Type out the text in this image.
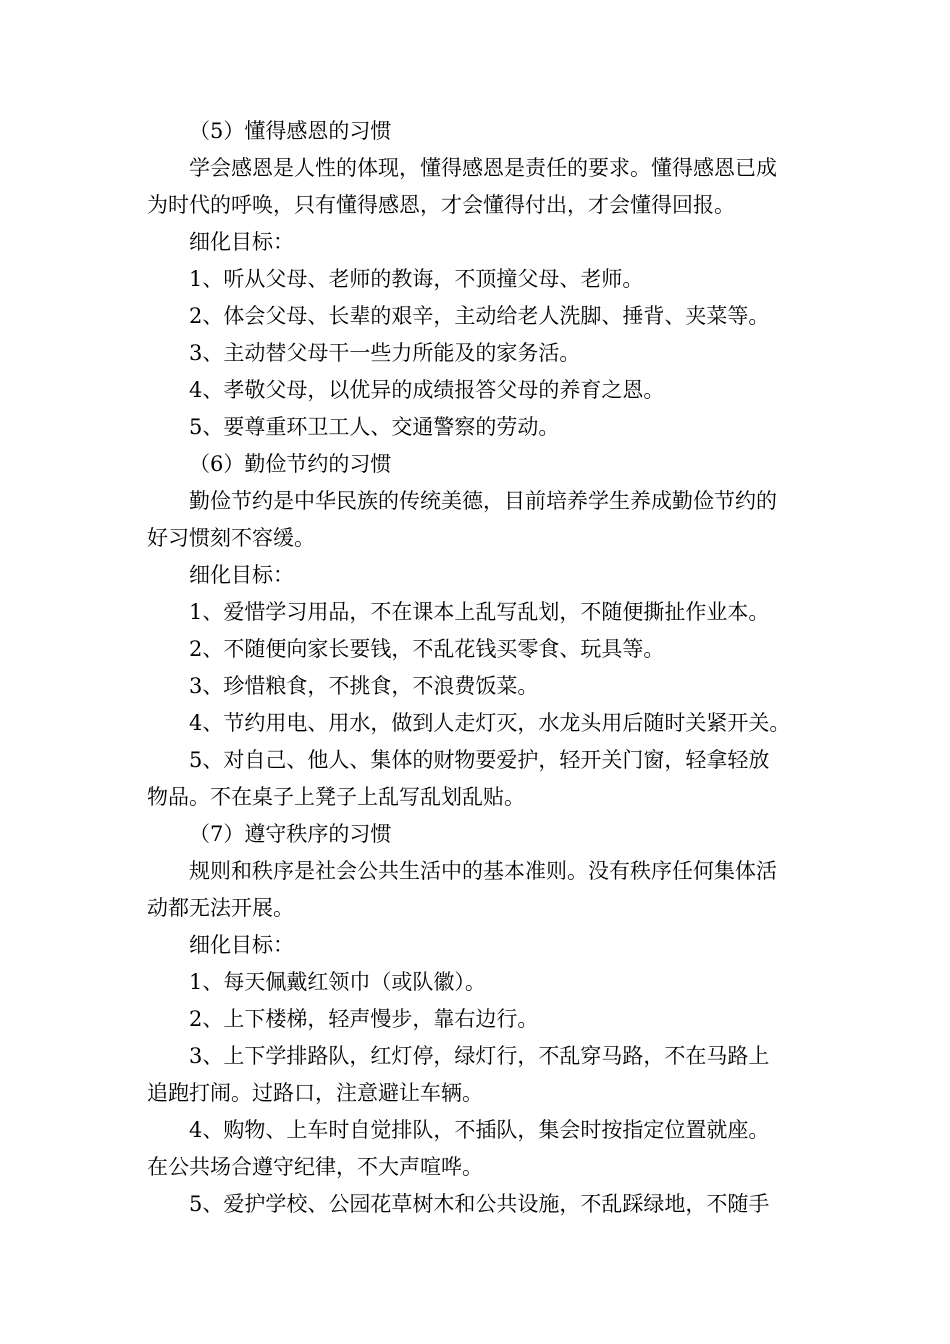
（5）懂得感恩的习惯

学会感恩是人性的体现，懂得感恩是责任的要求。懂得感恩已成

为时代的呼唤，只有懂得感恩，才会懂得付出，才会懂得回报。

细化目标：

1、听从父母、老师的教诲，不顶撞父母、老师。

2、体会父母、长辈的艰辛，主动给老人洗脚、捶背、夹菜等。

3、主动替父母干一些力所能及的家务活。

4、孝敬父母，以优异的成绩报答父母的养育之恩。

5、要尊重环卫工人、交通警察的劳动。

（6）勤俭节约的习惯

勤俭节约是中华民族的传统美德，目前培养学生养成勤俭节约的

好习惯刻不容缓。

细化目标：

1、爱惜学习用品，不在课本上乱写乱划，不随便撕扯作业本。

2、不随便向家长要钱，不乱花钱买零食、玩具等。

3、珍惜粮食，不挑食，不浪费饭菜。

4、节约用电、用水，做到人走灯灭，水龙头用后随时关紧开关。

5、对自己、他人、集体的财物要爱护，轻开关门窗，轻拿轻放

物品。不在桌子上凳子上乱写乱划乱贴。

（7）遵守秩序的习惯

规则和秩序是社会公共生活中的基本准则。没有秩序任何集体活

动都无法开展。

细化目标：

1、每天佩戴红领巾（或队徽）。

2、上下楼梯，轻声慢步，靠右边行。

3、上下学排路队，红灯停，绿灯行，不乱穿马路，不在马路上

追跑打闹。过路口，注意避让车辆。

4、购物、上车时自觉排队，不插队，集会时按指定位置就座。

在公共场合遵守纪律，不大声喧哗。

5、爱护学校、公园花草树木和公共设施，不乱踩绿地，不随手
